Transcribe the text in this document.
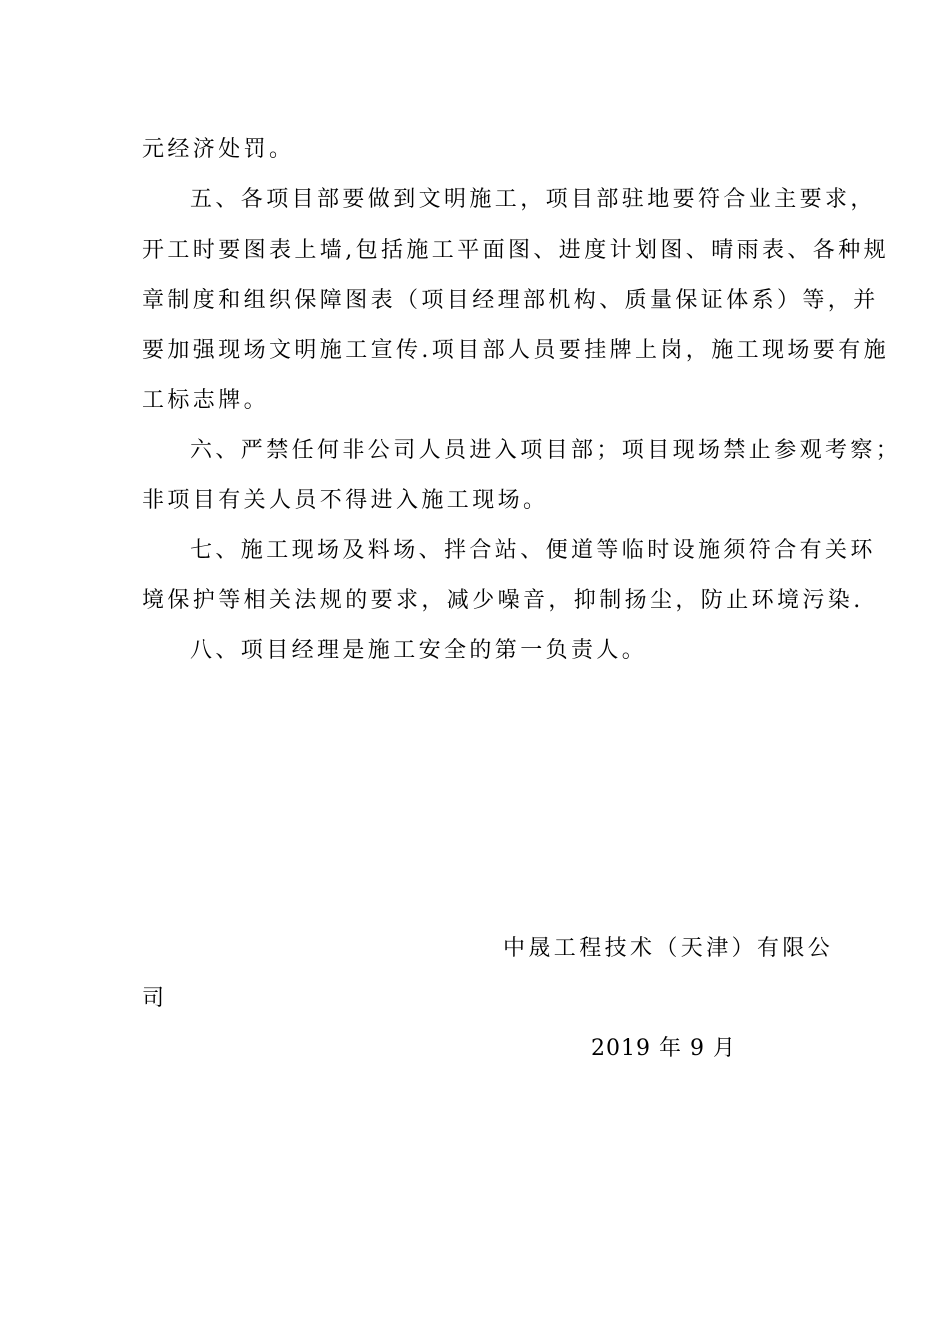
元经济处罚。
五、各项目部要做到文明施工，项目部驻地要符合业主要求，
开工时要图表上墙,包括施工平面图、进度计划图、晴雨表、各种规
章制度和组织保障图表（项目经理部机构、质量保证体系）等，并
要加强现场文明施工宣传.项目部人员要挂牌上岗，施工现场要有施
工标志牌。
六、严禁任何非公司人员进入项目部；项目现场禁止参观考察；
非项目有关人员不得进入施工现场。
七、施工现场及料场、拌合站、便道等临时设施须符合有关环
境保护等相关法规的要求，减少噪音，抑制扬尘，防止环境污染.
八、项目经理是施工安全的第一负责人。
中晟工程技术（天津）有限公
司
2019 年 9 月
